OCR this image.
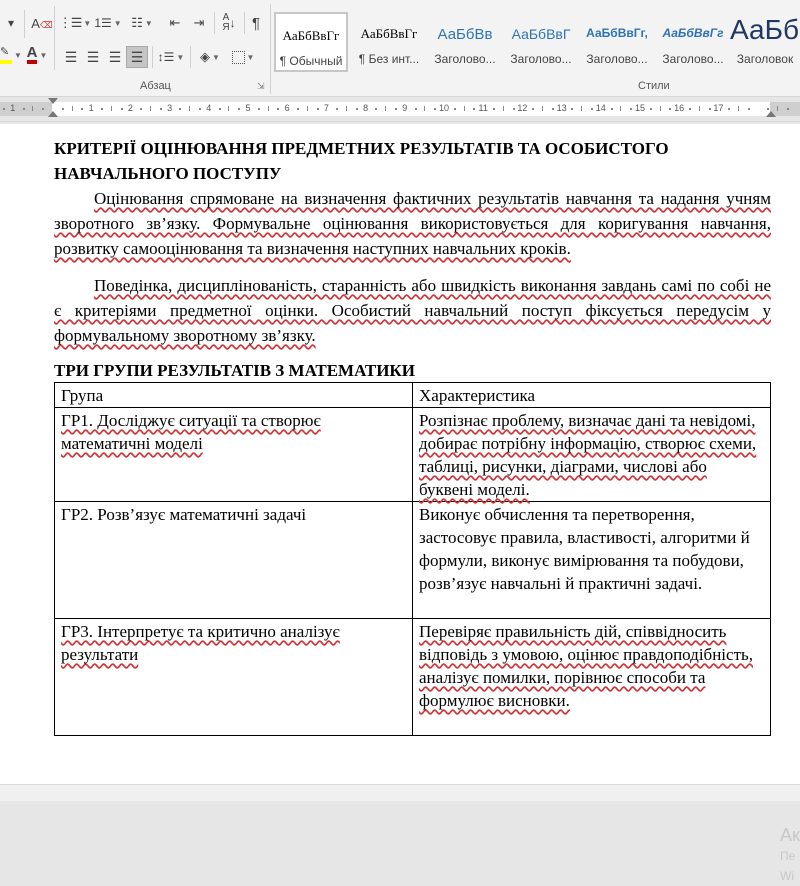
▾	A⌫
✎ ▼ A ▼
⋮☰ ▼ 1☰ ▼ ☷ ▼ ⇤ ⇥ A
Я ↓ ¶
☰ ☰ ☰ ☰ ↕☰ ▼ ◈ ▼	▼
Абзац	⇲
АаБбВвГг
¶ Обычный
АаБбВвГг
¶ Без инт...
АаБбВв
Заголово...
АаБбВвГ
Заголово...
АаБбВвГг,
Заголово...
АаБбВвГг
Заголово...
АаБб
Заголовок
Стили
1	1	2	3	4	5	6	7	8	9	10	11	12	13	14	15	16	17
КРИТЕРІЇ ОЦІНЮВАННЯ ПРЕДМЕТНИХ РЕЗУЛЬТАТІВ ТА ОСОБИСТОГО НАВЧАЛЬНОГО ПОСТУПУ

Оцінювання спрямоване на визначення фактичних результатів навчання та надання учням зворотного зв’язку. Формувальне оцінювання використовується для коригування навчання, розвитку самооцінювання та визначення наступних навчальних кроків.

Поведінка, дисциплінованість, старанність або швидкість виконання завдань самі по собі не є критеріями предметної оцінки. Особистий навчальний поступ фіксується передусім у формувальному зворотному зв’язку.

ТРИ ГРУПИ РЕЗУЛЬТАТІВ З МАТЕМАТИКИ
Група	Характеристика
ГР1. Досліджує ситуації та створює математичні моделі	Розпізнає проблему, визначає дані та невідомі, добирає потрібну інформацію, створює схеми, таблиці, рисунки, діаграми, числові або буквені моделі.
ГР2. Розв’язує математичні задачі	Виконує обчислення та перетворення, застосовує правила, властивості, алгоритми й формули, виконує вимірювання та побудови, розв’язує навчальні й практичні задачі.
ГР3. Інтерпретує та критично аналізує результати	Перевіряє правильність дій, співвідносить відповідь з умовою, оцінює правдоподібність, аналізує помилки, порівнює способи та формулює висновки.
Ак
Пе
Wi
